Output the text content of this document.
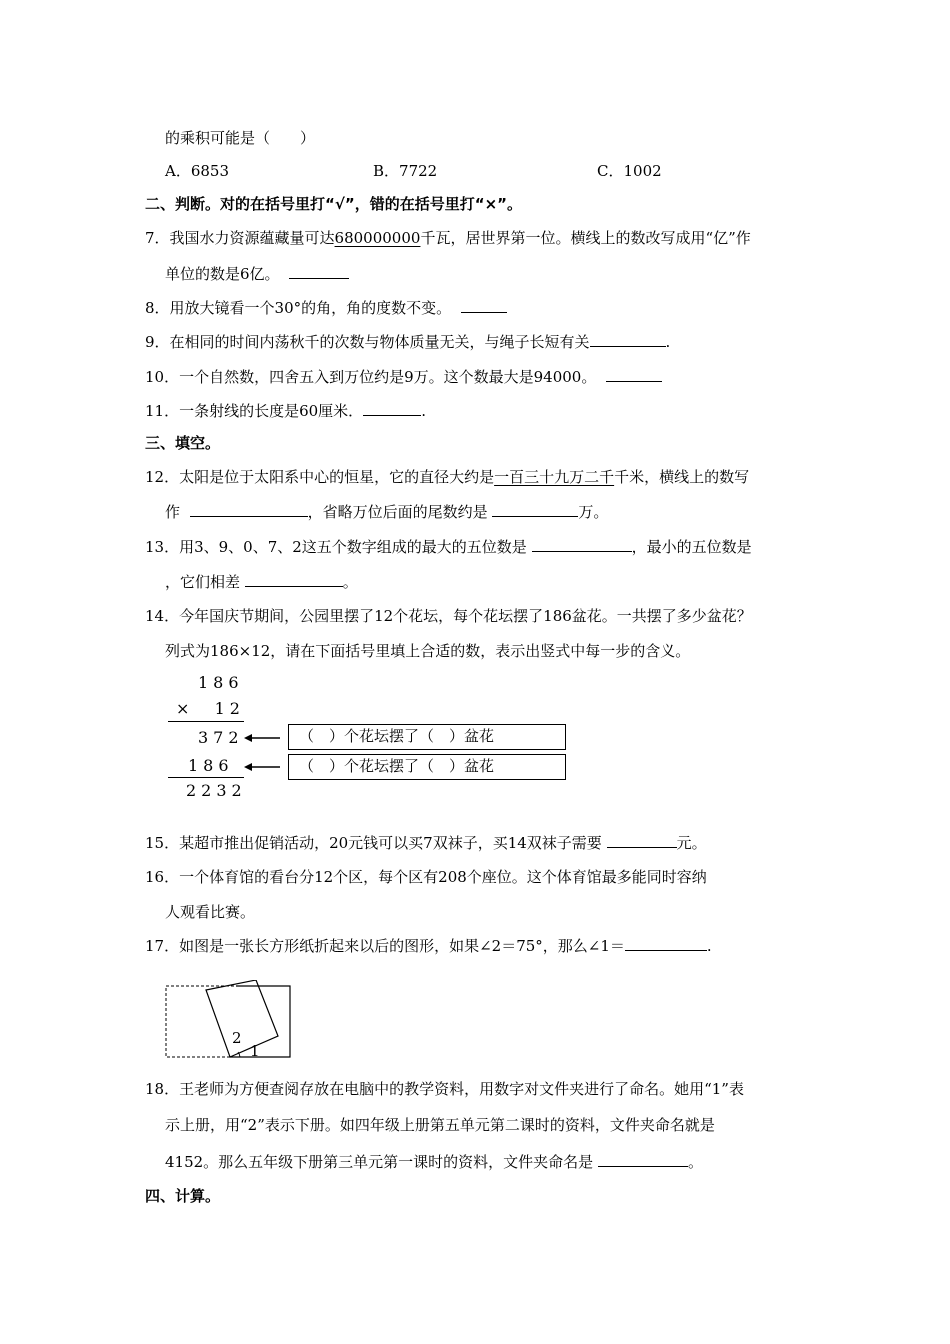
的乘积可能是（　　）
A．6853	B．7722	C．1002
二、判断。对的在括号里打“√”，错的在括号里打“×”。
7．我国水力资源蕴藏量可达680000000千瓦，居世界第一位。横线上的数改写成用“亿”作
单位的数是6亿。
8．用放大镜看一个30°的角，角的度数不变。
9．在相同的时间内荡秋千的次数与物体质量无关，与绳子长短有关	.
10．一个自然数，四舍五入到万位约是9万。这个数最大是94000。
11．一条射线的长度是60厘米．	.
三、填空。
12．太阳是位于太阳系中心的恒星，它的直径大约是一百三十九万二千千米，横线上的数写
作	，省略万位后面的尾数约是	万。
13．用3、9、0、7、2这五个数字组成的最大的五位数是	，最小的五位数是
，它们相差	。
14．今年国庆节期间，公园里摆了12个花坛，每个花坛摆了186盆花。一共摆了多少盆花？
列式为186×12，请在下面括号里填上合适的数，表示出竖式中每一步的含义。
186
×  12
372
186
2232
（　）个花坛摆了（　）盆花
（　）个花坛摆了（　）盆花
15．某超市推出促销活动，20元钱可以买7双袜子，买14双袜子需要	元。
16．一个体育馆的看台分12个区，每个区有208个座位。这个体育馆最多能同时容纳
人观看比赛。
17．如图是一张长方形纸折起来以后的图形，如果∠2＝75°，那么∠1＝	.
2
1
18．王老师为方便查阅存放在电脑中的教学资料，用数字对文件夹进行了命名。她用“1”表
示上册，用“2”表示下册。如四年级上册第五单元第二课时的资料，文件夹命名就是
4152。那么五年级下册第三单元第一课时的资料，文件夹命名是	。
四、计算。
